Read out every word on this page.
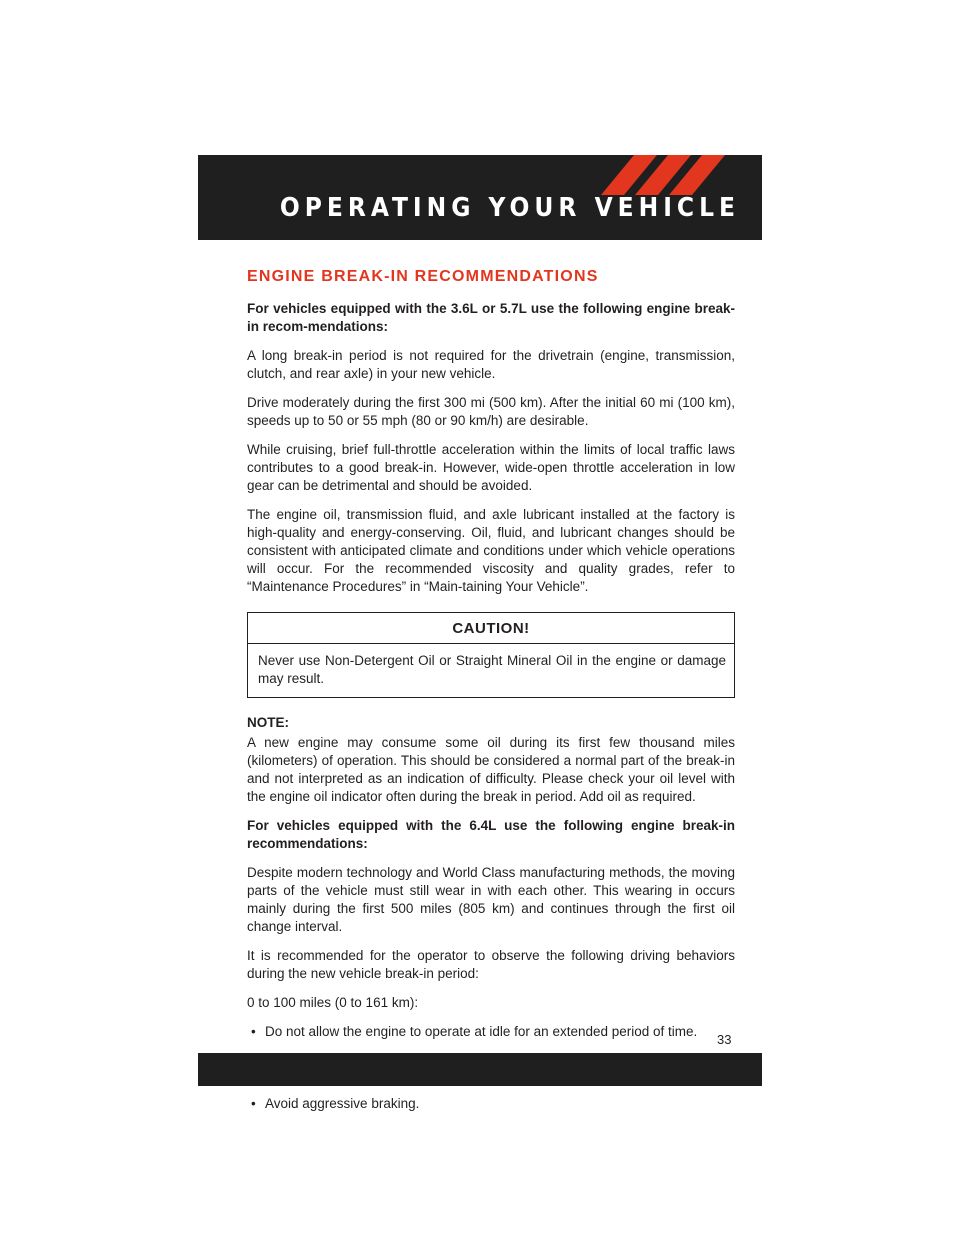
OPERATING YOUR VEHICLE
ENGINE BREAK-IN RECOMMENDATIONS

For vehicles equipped with the 3.6L or 5.7L use the following engine break-in recom-mendations:

A long break-in period is not required for the drivetrain (engine, transmission, clutch, and rear axle) in your new vehicle.

Drive moderately during the first 300 mi (500 km). After the initial 60 mi (100 km), speeds up to 50 or 55 mph (80 or 90 km/h) are desirable.

While cruising, brief full-throttle acceleration within the limits of local traffic laws contributes to a good break-in. However, wide-open throttle acceleration in low gear can be detrimental and should be avoided.

The engine oil, transmission fluid, and axle lubricant installed at the factory is high-quality and energy-conserving. Oil, fluid, and lubricant changes should be consistent with anticipated climate and conditions under which vehicle operations will occur. For the recommended viscosity and quality grades, refer to “Maintenance Procedures” in “Main-taining Your Vehicle”.

CAUTION!
Never use Non-Detergent Oil or Straight Mineral Oil in the engine or damage may result.

NOTE:

A new engine may consume some oil during its first few thousand miles (kilometers) of operation. This should be considered a normal part of the break-in and not interpreted as an indication of difficulty. Please check your oil level with the engine oil indicator often during the break in period. Add oil as required.

For vehicles equipped with the 6.4L use the following engine break-in recommendations:

Despite modern technology and World Class manufacturing methods, the moving parts of the vehicle must still wear in with each other. This wearing in occurs mainly during the first 500 miles (805 km) and continues through the first oil change interval.

It is recommended for the operator to observe the following driving behaviors during the new vehicle break-in period:

0 to 100 miles (0 to 161 km):

• Do not allow the engine to operate at idle for an extended period of time.
• Avoid aggressive braking.
33
